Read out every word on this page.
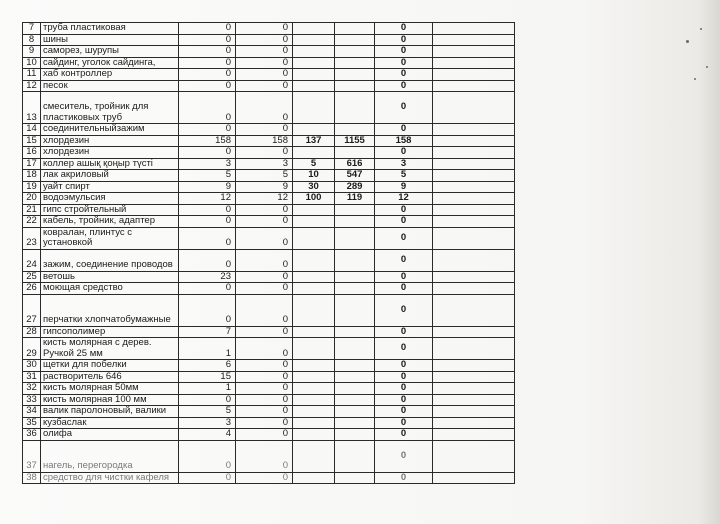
7	труба пластиковая	0	0			0	
8	шины	0	0			0	
9	саморез, шурупы	0	0			0	
10	сайдинг, уголок сайдинга,	0	0			0	
11	хаб контроллер	0	0			0	
12	песок	0	0			0	
13	смеситель, тройник для пластиковых труб	0	0			0	
14	соединительныйзажим	0	0			0	
15	хлордезин	158	158	137	1155	158	
16	хлордезин	0	0			0	
17	коллер ашық қоңыр түсті	3	3	5	616	3	
18	лак акриловый	5	5	10	547	5	
19	уайт спирт	9	9	30	289	9	
20	водоэмульсия	12	12	100	119	12	
21	гипс стройтельный	0	0			0	
22	кабель, тройник, адаптер	0	0			0	
23	ковралан, плинтус с установкой	0	0			0	
24	зажим, соединение проводов	0	0			0	
25	ветошь	23	0			0	
26	моющая средство	0	0			0	
27	перчатки хлопчатобумажные	0	0			0	
28	гипсополимер	7	0			0	
29	кисть молярная с дерев. Ручкой 25 мм	1	0			0	
30	щетки для побелки	6	0			0	
31	растворитель 646	15	0			0	
32	кисть молярная 50мм	1	0			0	
33	кисть молярная 100 мм	0	0			0	
34	валик паролоновый, валики	5	0			0	
35	кузбаслак	3	0			0	
36	олифа	4	0			0	
37	нагель, перегородка	0	0			0	
38	средство для чистки кафеля	0	0			0	
